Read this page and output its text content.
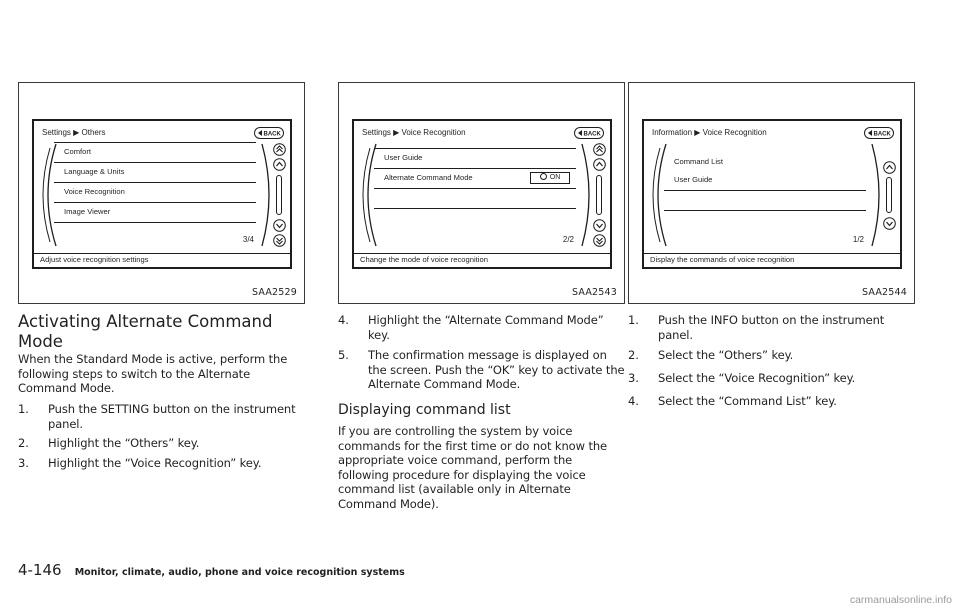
Settings ▶ Others	BACK
Comfort
Language & Units
Voice Recognition
Image Viewer
3/4
Adjust voice recognition settings
SAA2529
Settings ▶ Voice Recognition	BACK
User Guide
Alternate Command Mode	ON
2/2
Change the mode of voice recognition
SAA2543
Information ▶ Voice Recognition	BACK
Command List
User Guide
1/2
Display the commands of voice recognition
SAA2544
Activating Alternate Command Mode

When the Standard Mode is active, perform the following steps to switch to the Alternate Command Mode.

1.	Push the SETTING button on the instrument panel.
2.	Highlight the “Others” key.
3.	Highlight the “Voice Recognition” key.
4.	Highlight the “Alternate Command Mode” key.
5.	The confirmation message is displayed on the screen. Push the “OK” key to activate the Alternate Command Mode.
Displaying command list

If you are controlling the system by voice commands for the first time or do not know the appropriate voice command, perform the following procedure for displaying the voice command list (available only in Alternate Command Mode).

1.	Push the INFO button on the instrument panel.
2.	Select the “Others” key.
3.	Select the “Voice Recognition” key.
4.	Select the “Command List” key.
4-146 Monitor, climate, audio, phone and voice recognition systems
carmanualsonline.info
